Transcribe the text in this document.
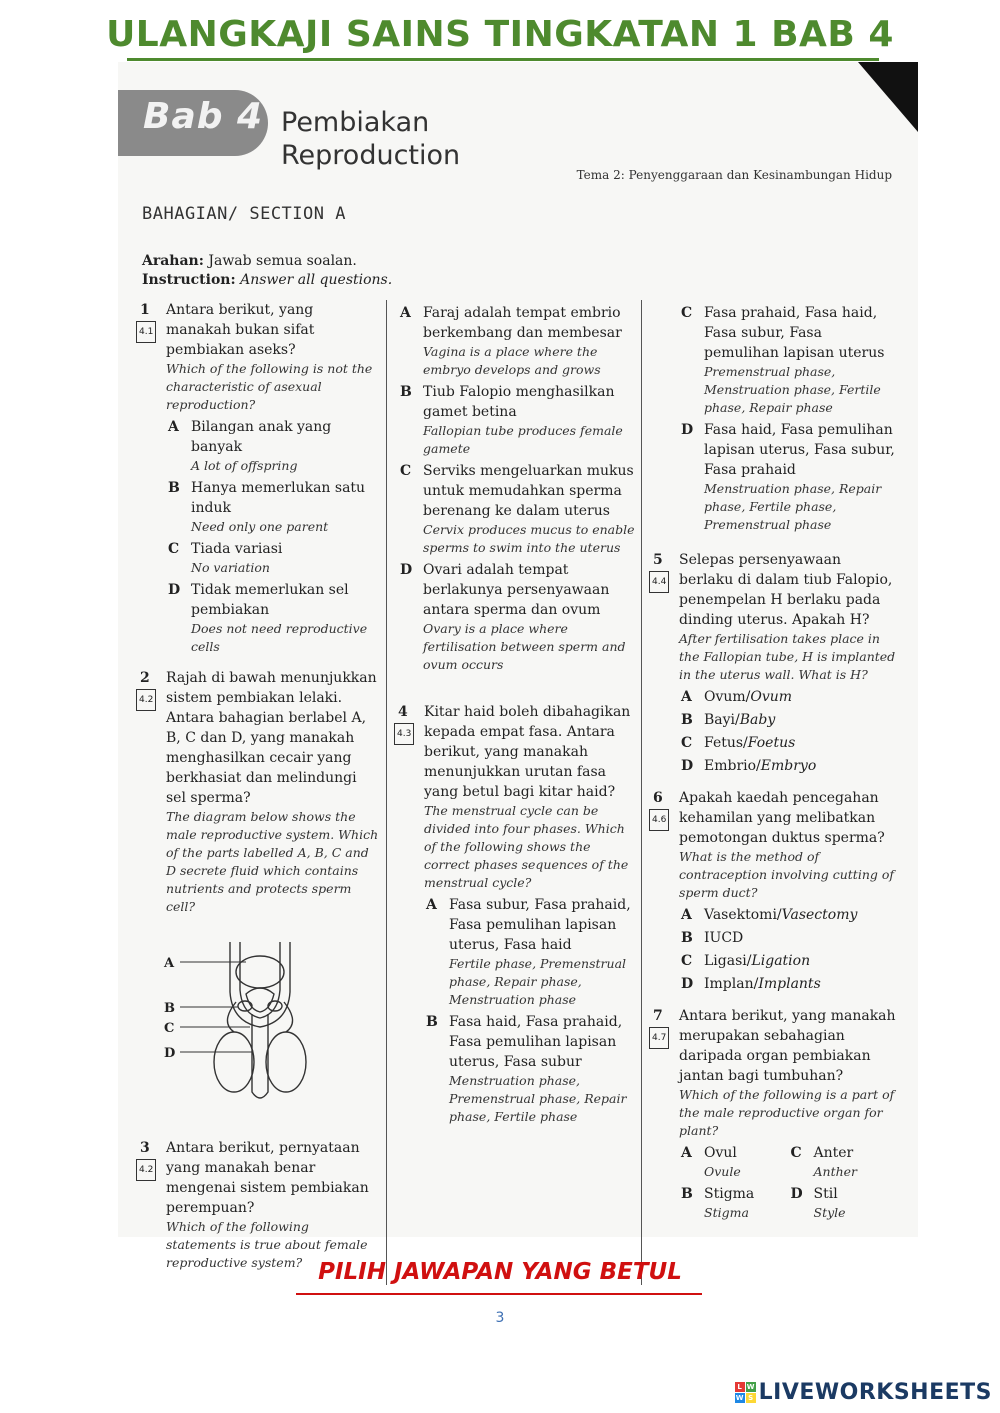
ULANGKAJI SAINS TINGKATAN 1 BAB 4
Bab 4 Pembiakan
Reproduction
Tema 2: Penyenggaraan dan Kesinambungan Hidup
BAHAGIAN/ SECTION A
Arahan: Jawab semua soalan.
Instruction: Answer all questions.
1
4.1
Antara berikut, yang manakah bukan sifat pembiakan aseks?
Which of the following is not the characteristic of asexual reproduction?
A Bilangan anak yang banyak
A lot of offspring
B Hanya memerlukan satu induk
Need only one parent
C Tiada variasi
No variation
D Tidak memerlukan sel pembiakan
Does not need reproductive cells
2
4.2
Rajah di bawah menunjukkan sistem pembiakan lelaki. Antara bahagian berlabel A, B, C dan D, yang manakah menghasilkan cecair yang berkhasiat dan melindungi sel sperma?
The diagram below shows the male reproductive system. Which of the parts labelled A, B, C and D secrete fluid which contains nutrients and protects sperm cell?
A
B
C
D
3
4.2
Antara berikut, pernyataan yang manakah benar mengenai sistem pembiakan perempuan?
Which of the following statements is true about female reproductive system?
A Faraj adalah tempat embrio berkembang dan membesar
Vagina is a place where the embryo develops and grows
B Tiub Falopio menghasilkan gamet betina
Fallopian tube produces female gamete
C Serviks mengeluarkan mukus untuk memudahkan sperma berenang ke dalam uterus
Cervix produces mucus to enable sperms to swim into the uterus
D Ovari adalah tempat berlakunya persenyawaan antara sperma dan ovum
Ovary is a place where fertilisation between sperm and ovum occurs
4
4.3
Kitar haid boleh dibahagikan kepada empat fasa. Antara berikut, yang manakah menunjukkan urutan fasa yang betul bagi kitar haid?
The menstrual cycle can be divided into four phases. Which of the following shows the correct phases sequences of the menstrual cycle?
A Fasa subur, Fasa prahaid, Fasa pemulihan lapisan uterus, Fasa haid
Fertile phase, Premenstrual phase, Repair phase, Menstruation phase
B Fasa haid, Fasa prahaid, Fasa pemulihan lapisan uterus, Fasa subur
Menstruation phase, Premenstrual phase, Repair phase, Fertile phase
C Fasa prahaid, Fasa haid, Fasa subur, Fasa pemulihan lapisan uterus
Premenstrual phase, Menstruation phase, Fertile phase, Repair phase
D Fasa haid, Fasa pemulihan lapisan uterus, Fasa subur, Fasa prahaid
Menstruation phase, Repair phase, Fertile phase, Premenstrual phase
5
4.4
Selepas persenyawaan berlaku di dalam tiub Falopio, penempelan H berlaku pada dinding uterus. Apakah H?
After fertilisation takes place in the Fallopian tube, H is implanted in the uterus wall. What is H?
A Ovum/Ovum
B Bayi/Baby
C Fetus/Foetus
D Embrio/Embryo
6
4.6
Apakah kaedah pencegahan kehamilan yang melibatkan pemotongan duktus sperma?
What is the method of contraception involving cutting of sperm duct?
A Vasektomi/Vasectomy
B IUCD
C Ligasi/Ligation
D Implan/Implants
7
4.7
Antara berikut, yang manakah merupakan sebahagian daripada organ pembiakan jantan bagi tumbuhan?
Which of the following is a part of the male reproductive organ for plant?
A Ovul
Ovule
C Anter
Anther
B Stigma
Stigma
D Stil
Style
PILIH JAWAPAN YANG BETUL
3
L W
W S LIVEWORKSHEETS
